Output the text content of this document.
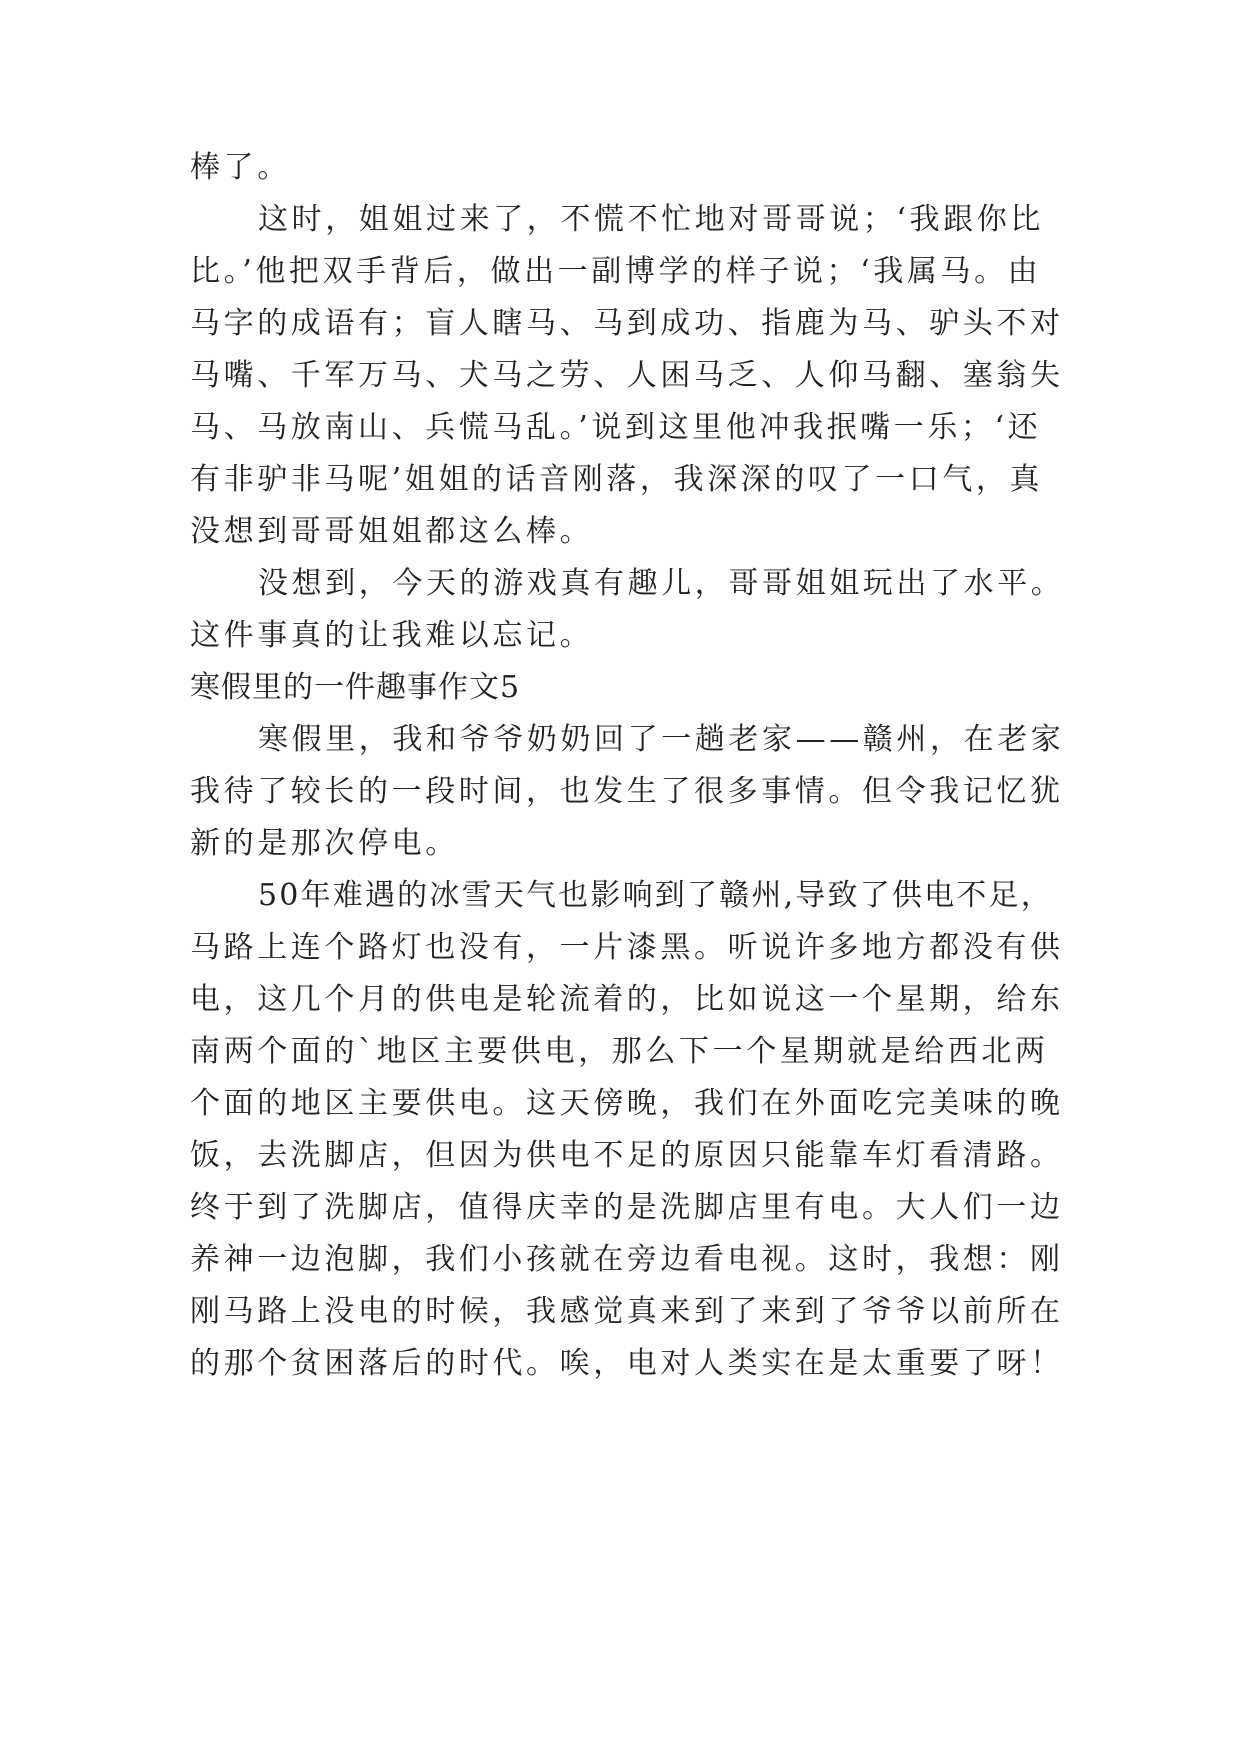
棒了。
这时，姐姐过来了，不慌不忙地对哥哥说；‘我跟你比
比。’他把双手背后，做出一副博学的样子说；‘我属马。由
马字的成语有；盲人瞎马、马到成功、指鹿为马、驴头不对
马嘴、千军万马、犬马之劳、人困马乏、人仰马翻、塞翁失
马、马放南山、兵慌马乱。’说到这里他冲我抿嘴一乐；‘还
有非驴非马呢’姐姐的话音刚落，我深深的叹了一口气，真
没想到哥哥姐姐都这么棒。
没想到，今天的游戏真有趣儿，哥哥姐姐玩出了水平。
这件事真的让我难以忘记。
寒假里的一件趣事作文5
寒假里，我和爷爷奶奶回了一趟老家——赣州，在老家
我待了较长的一段时间，也发生了很多事情。但令我记忆犹
新的是那次停电。
50年难遇的冰雪天气也影响到了赣州,导致了供电不足，
马路上连个路灯也没有，一片漆黑。听说许多地方都没有供
电，这几个月的供电是轮流着的，比如说这一个星期，给东
南两个面的`地区主要供电，那么下一个星期就是给西北两
个面的地区主要供电。这天傍晚，我们在外面吃完美味的晚
饭，去洗脚店，但因为供电不足的原因只能靠车灯看清路。
终于到了洗脚店，值得庆幸的是洗脚店里有电。大人们一边
养神一边泡脚，我们小孩就在旁边看电视。这时，我想：刚
刚马路上没电的时候，我感觉真来到了来到了爷爷以前所在
的那个贫困落后的时代。唉，电对人类实在是太重要了呀！
